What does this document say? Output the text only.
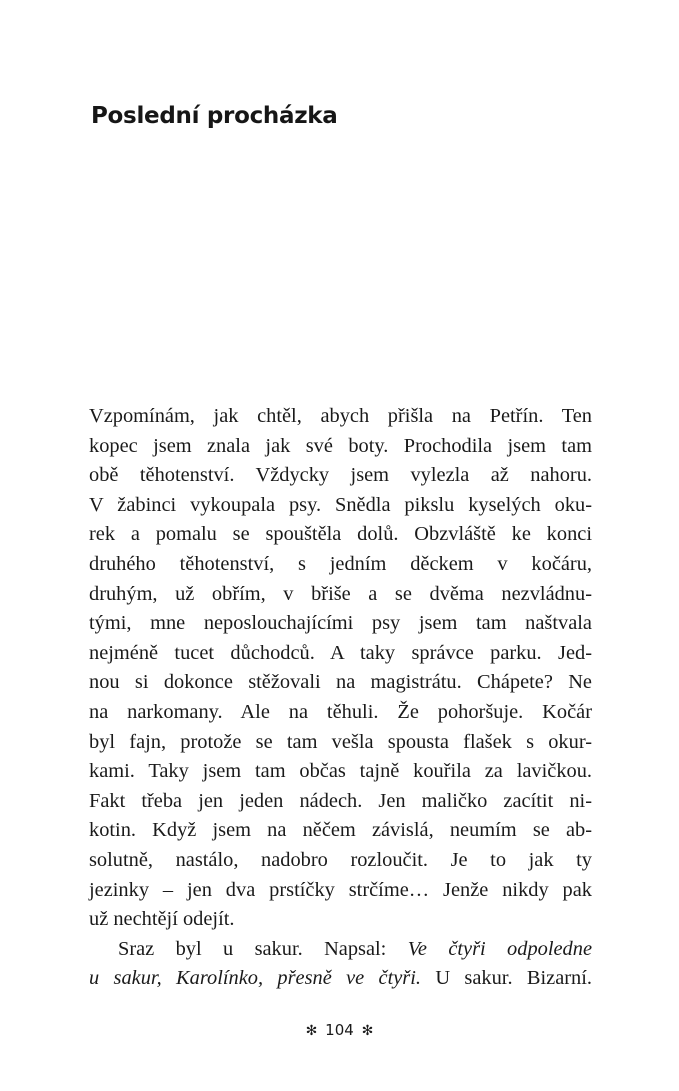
Poslední procházka
Vzpomínám, jak chtěl, abych přišla na Petřín. Ten
kopec jsem znala jak své boty. Prochodila jsem tam
obě těhotenství. Vždycky jsem vylezla až nahoru.
V žabinci vykoupala psy. Snědla pikslu kyselých oku-
rek a pomalu se spouštěla dolů. Obzvláště ke konci
druhého těhotenství, s jedním děckem v kočáru,
druhým, už obřím, v břiše a se dvěma nezvládnu-
tými, mne neposlouchajícími psy jsem tam naštvala
nejméně tucet důchodců. A taky správce parku. Jed-
nou si dokonce stěžovali na magistrátu. Chápete? Ne
na narkomany. Ale na těhuli. Že pohoršuje. Kočár
byl fajn, protože se tam vešla spousta flašek s okur-
kami. Taky jsem tam občas tajně kouřila za lavičkou.
Fakt třeba jen jeden nádech. Jen maličko zacítit ni-
kotin. Když jsem na něčem závislá, neumím se ab-
solutně, nastálo, nadobro rozloučit. Je to jak ty
jezinky – jen dva prstíčky strčíme… Jenže nikdy pak
už nechtějí odejít.
Sraz byl u sakur. Napsal: Ve čtyři odpoledne
u sakur, Karolínko, přesně ve čtyři. U sakur. Bizarní.
✻ 104 ✻
